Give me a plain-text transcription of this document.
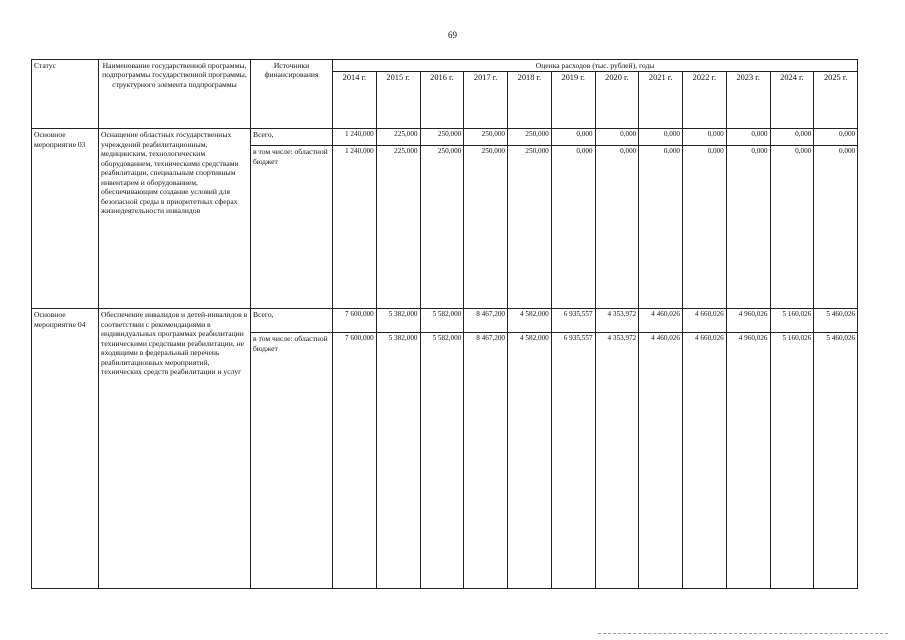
69
Статус	Наименование государственной программы, подпрограммы государственной программы, структурного элемента подпрограммы	Источники финансирования	Оценка расходов (тыс. рублей), годы											
			2014 г.	2015 г.	2016 г.	2017 г.	2018 г.	2019 г.	2020 г.	2021 г.	2022 г.	2023 г.	2024 г.	2025 г.
Основное мероприятие 03	Оснащение областных государственных учреждений реабилитационным, медицинским, технологическим оборудованием, техническими средствами реабилитации, специальным спортивным инвентарем и оборудованием, обеспечивающим создание условий для безопасной среды в приоритетных сферах жизнедеятельности инвалидов	Всего,	1 240,000	225,000	250,000	250,000	250,000	0,000	0,000	0,000	0,000	0,000	0,000	0,000
		в том числе: областной бюджет	1 240,000	225,000	250,000	250,000	250,000	0,000	0,000	0,000	0,000	0,000	0,000	0,000
Основное мероприятие 04	Обеспечение инвалидов и детей-инвалидов в соответствии с рекомендациями в индивидуальных программах реабилитации техническими средствами реабилитации, не входящими в федеральный перечень реабилитационных мероприятий, технических средств реабилитации и услуг	Всего,	7 600,000	5 382,000	5 582,000	8 467,200	4 582,000	6 935,557	4 353,972	4 460,026	4 660,026	4 960,026	5 160,026	5 460,026
		в том числе: областной бюджет	7 600,000	5 382,000	5 582,000	8 467,200	4 582,000	6 935,557	4 353,972	4 460,026	4 660,026	4 960,026	5 160,026	5 460,026
